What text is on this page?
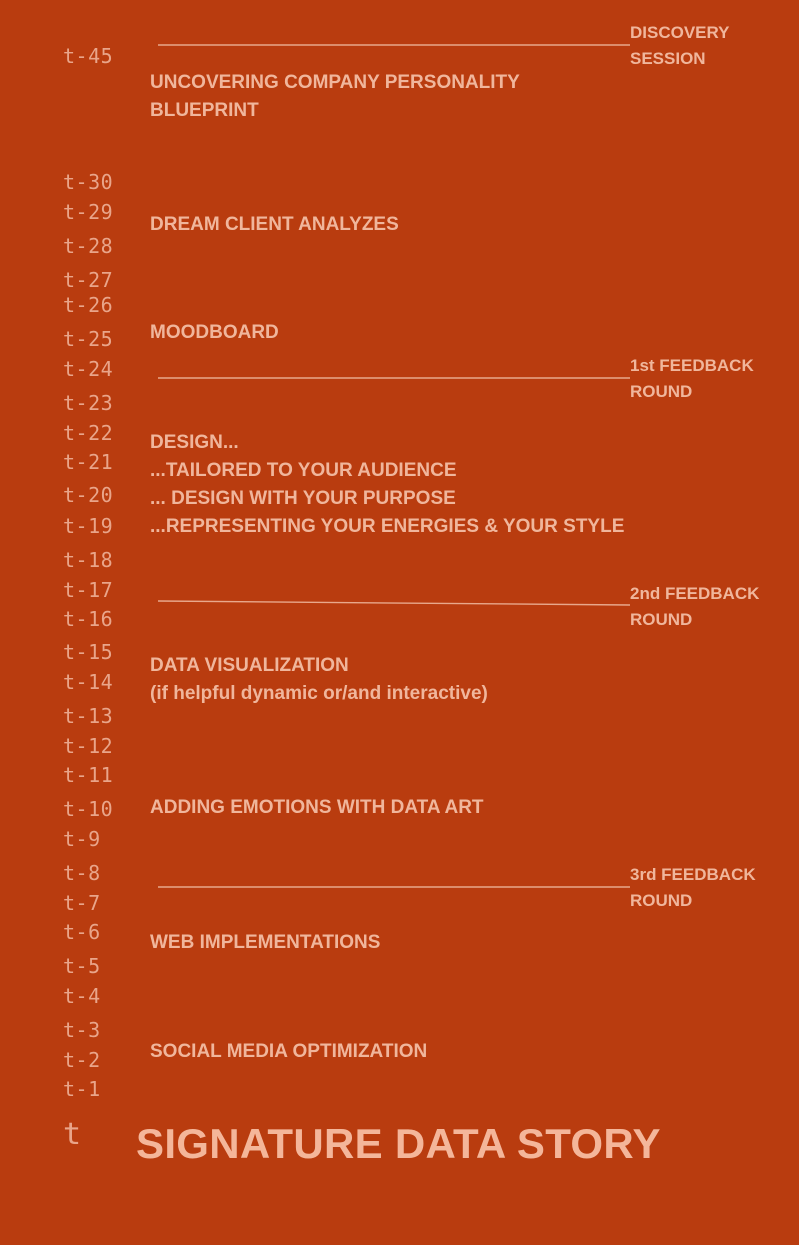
t-45
t-30
t-29
t-28
t-27
t-26
t-25
t-24
t-23
t-22
t-21
t-20
t-19
t-18
t-17
t-16
t-15
t-14
t-13
t-12
t-11
t-10
t-9
t-8
t-7
t-6
t-5
t-4
t-3
t-2
t-1
t
UNCOVERING COMPANY PERSONALITY
BLUEPRINT
DREAM CLIENT ANALYZES
MOODBOARD
DESIGN...
...TAILORED TO YOUR AUDIENCE
... DESIGN WITH YOUR PURPOSE
...REPRESENTING YOUR ENERGIES & YOUR STYLE
DATA VISUALIZATION
(if helpful dynamic or/and interactive)
ADDING EMOTIONS WITH DATA ART
WEB IMPLEMENTATIONS
SOCIAL MEDIA OPTIMIZATION
DISCOVERY
SESSION
1st FEEDBACK
ROUND
2nd FEEDBACK
ROUND
3rd FEEDBACK
ROUND
SIGNATURE DATA STORY
